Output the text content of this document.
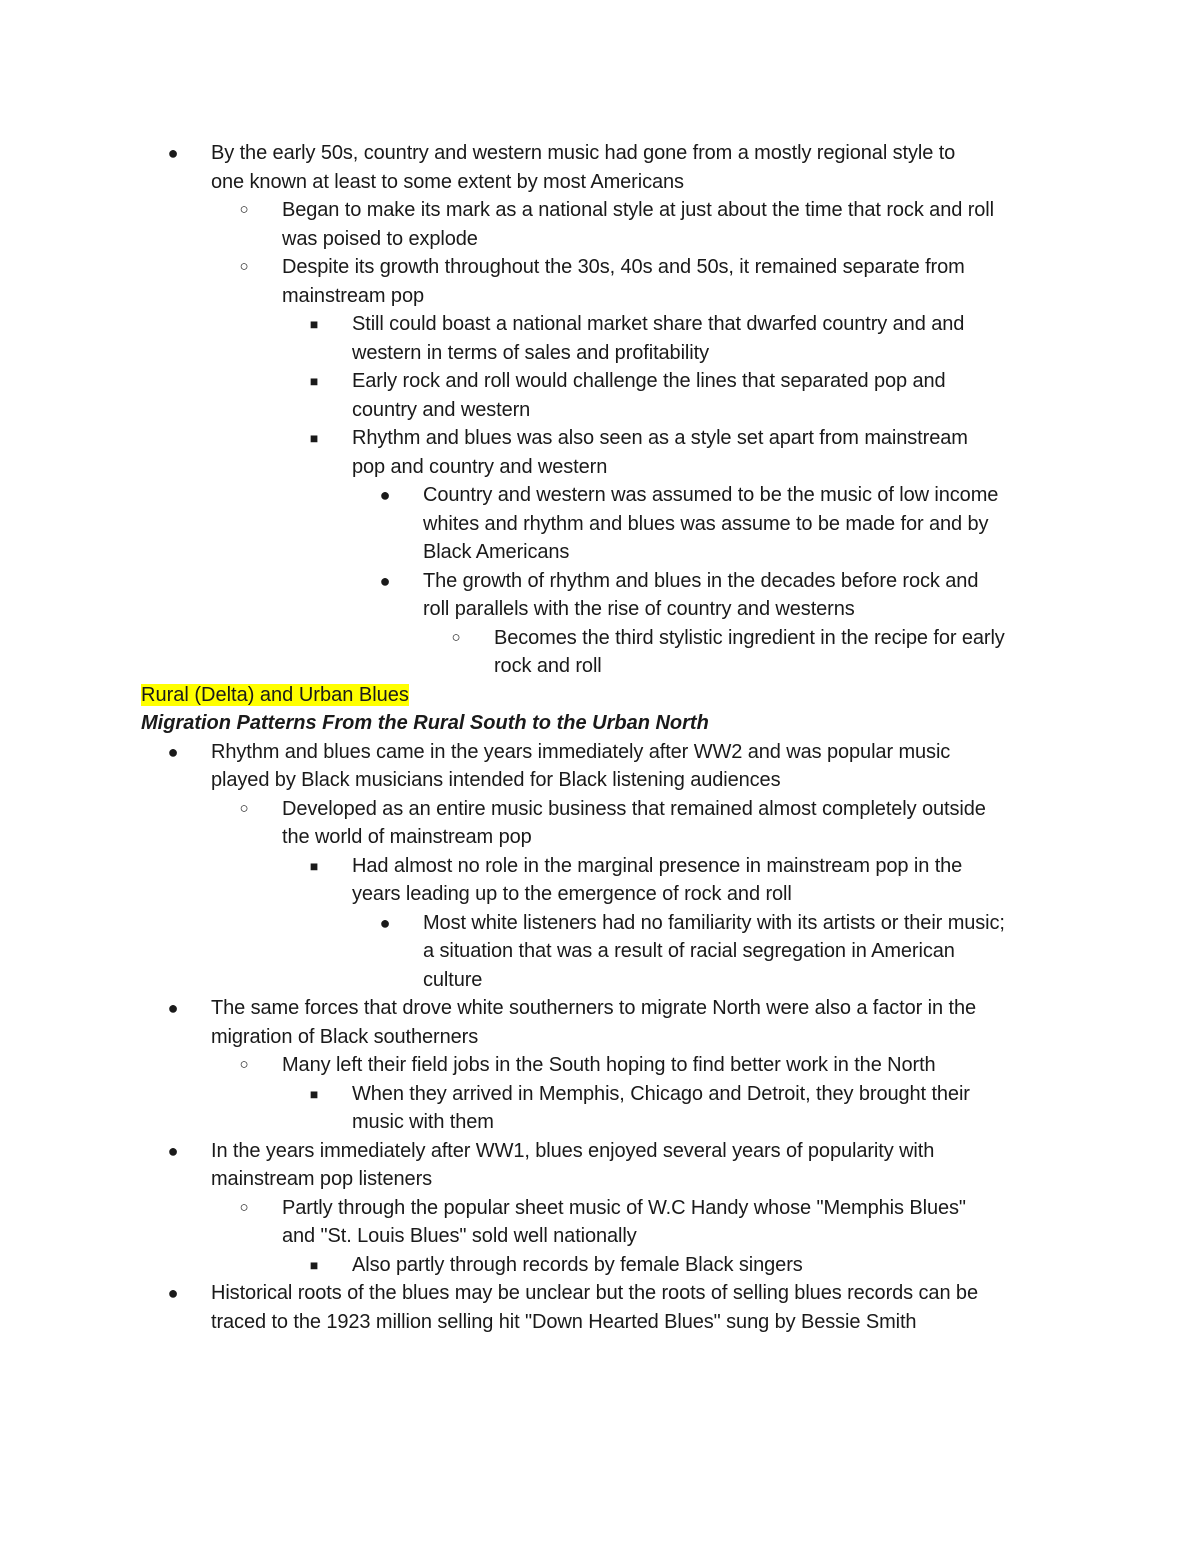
● By the early 50s, country and western music had gone from a mostly regional style to
one known at least to some extent by most Americans
○ Began to make its mark as a national style at just about the time that rock and roll
was poised to explode
○ Despite its growth throughout the 30s, 40s and 50s, it remained separate from
mainstream pop
■ Still could boast a national market share that dwarfed country and and
western in terms of sales and profitability
■ Early rock and roll would challenge the lines that separated pop and
country and western
■ Rhythm and blues was also seen as a style set apart from mainstream
pop and country and western
● Country and western was assumed to be the music of low income
whites and rhythm and blues was assume to be made for and by
Black Americans
● The growth of rhythm and blues in the decades before rock and
roll parallels with the rise of country and westerns
○ Becomes the third stylistic ingredient in the recipe for early
rock and roll
Rural (Delta) and Urban Blues
Migration Patterns From the Rural South to the Urban North
● Rhythm and blues came in the years immediately after WW2 and was popular music
played by Black musicians intended for Black listening audiences
○ Developed as an entire music business that remained almost completely outside
the world of mainstream pop
■ Had almost no role in the marginal presence in mainstream pop in the
years leading up to the emergence of rock and roll
● Most white listeners had no familiarity with its artists or their music;
a situation that was a result of racial segregation in American
culture
● The same forces that drove white southerners to migrate North were also a factor in the
migration of Black southerners
○ Many left their field jobs in the South hoping to find better work in the North
■ When they arrived in Memphis, Chicago and Detroit, they brought their
music with them
● In the years immediately after WW1, blues enjoyed several years of popularity with
mainstream pop listeners
○ Partly through the popular sheet music of W.C Handy whose "Memphis Blues"
and "St. Louis Blues" sold well nationally
■ Also partly through records by female Black singers
● Historical roots of the blues may be unclear but the roots of selling blues records can be
traced to the 1923 million selling hit "Down Hearted Blues" sung by Bessie Smith
